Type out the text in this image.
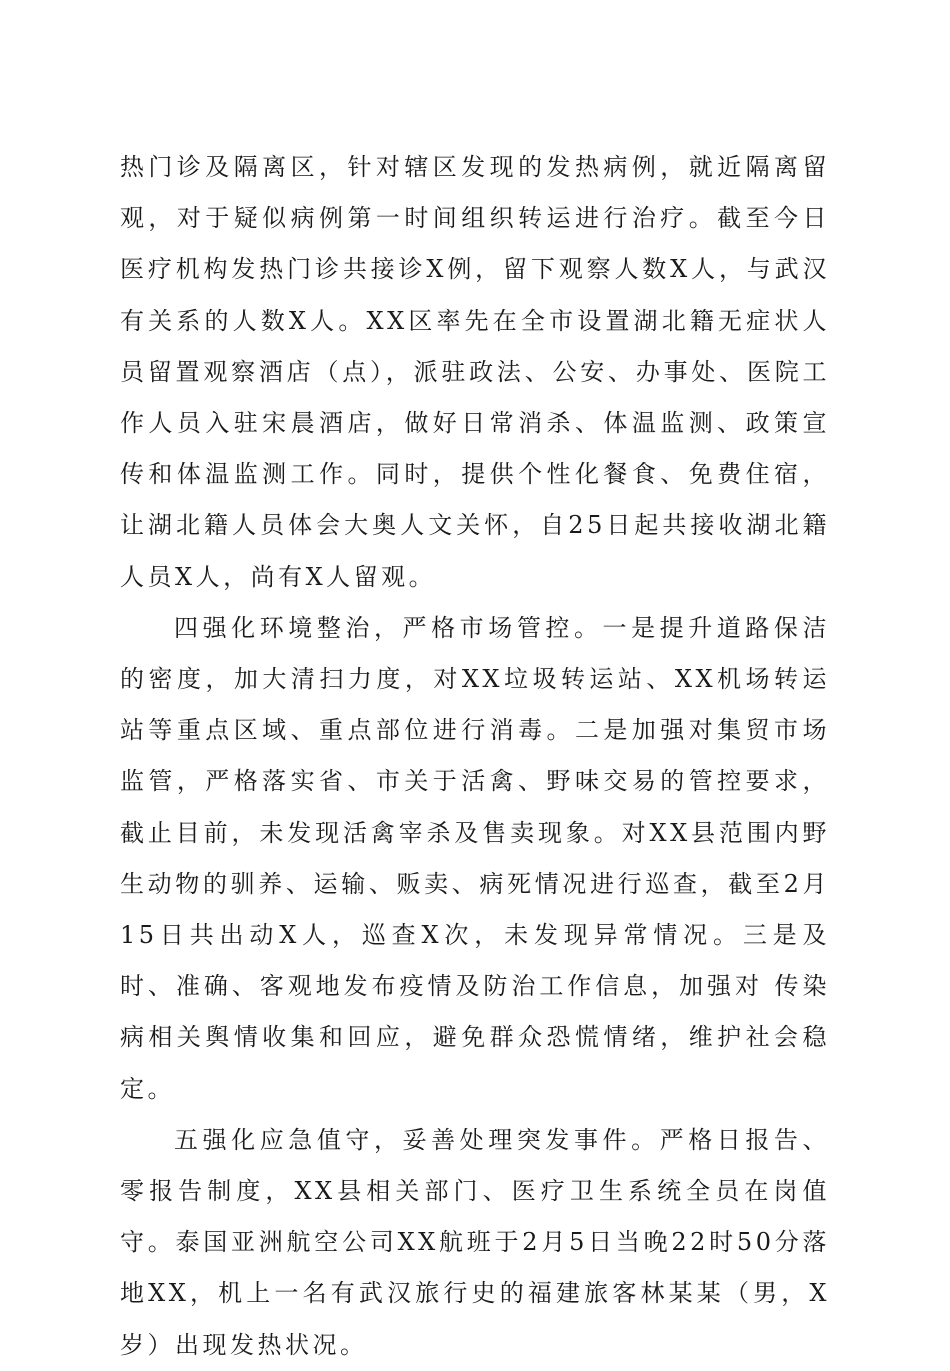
热门诊及隔离区，针对辖区发现的发热病例，就近隔离留观，对于疑似病例第一时间组织转运进行治疗。截至今日医疗机构发热门诊共接诊X例，留下观察人数X人，与武汉有关系的人数X人。XX区率先在全市设置湖北籍无症状人员留置观察酒店（点），派驻政法、公安、办事处、医院工作人员入驻宋晨酒店，做好日常消杀、体温监测、政策宣传和体温监测工作。同时，提供个性化餐食、免费住宿，让湖北籍人员体会大奥人文关怀，自25日起共接收湖北籍人员X人，尚有X人留观。

四强化环境整治，严格市场管控。一是提升道路保洁的密度，加大清扫力度，对XX垃圾转运站、XX机场转运站等重点区域、重点部位进行消毒。二是加强对集贸市场监管，严格落实省、市关于活禽、野味交易的管控要求，截止目前，未发现活禽宰杀及售卖现象。对XX县范围内野生动物的驯养、运输、贩卖、病死情况进行巡查，截至2月15日共出动X人，巡查X次，未发现异常情况。三是及时、准确、客观地发布疫情及防治工作信息，加强对 传染病相关舆情收集和回应，避免群众恐慌情绪，维护社会稳定。

五强化应急值守，妥善处理突发事件。严格日报告、零报告制度，XX县相关部门、医疗卫生系统全员在岗值守。泰国亚洲航空公司XX航班于2月5日当晚22时50分落地XX，机上一名有武汉旅行史的福建旅客林某某（男，X岁）出现发热状况。
